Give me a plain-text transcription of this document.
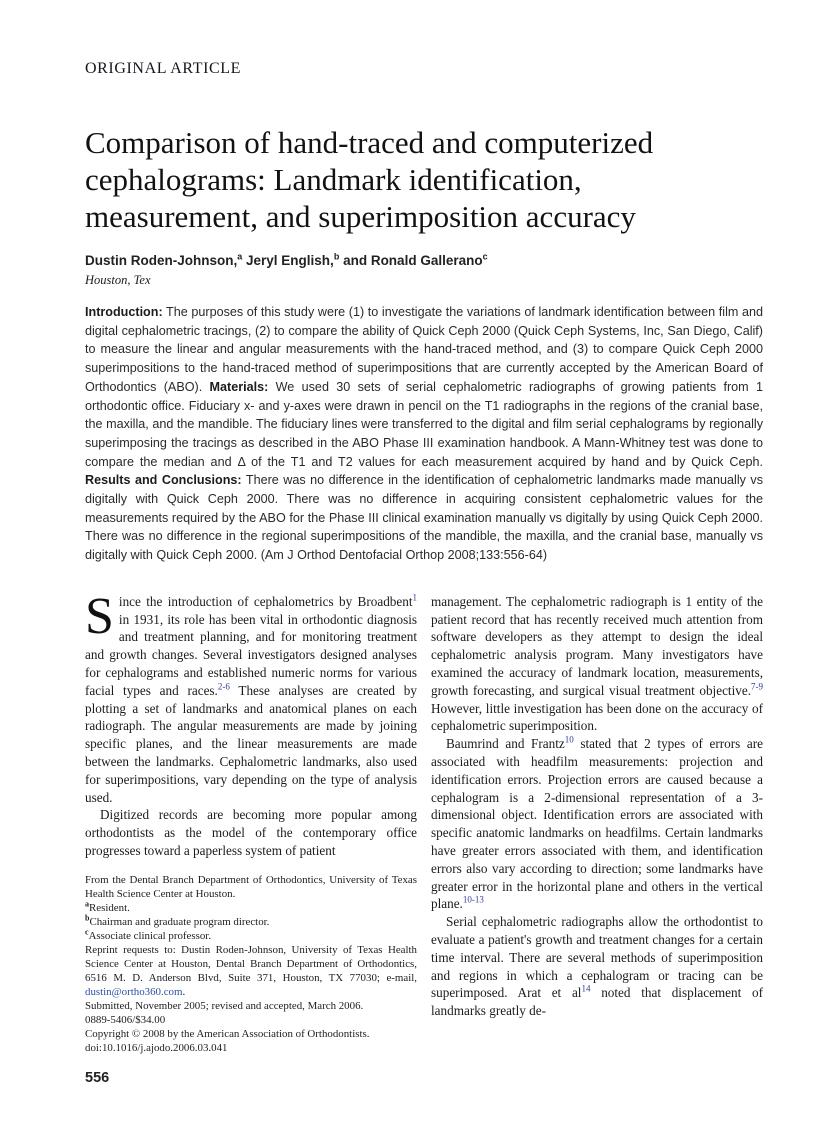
ORIGINAL ARTICLE
Comparison of hand-traced and computerized
cephalograms: Landmark identification,
measurement, and superimposition accuracy
Dustin Roden-Johnson,$^a$ Jeryl English,$^b$ and Ronald Gallerano$^c$
Houston, Tex
Introduction: The purposes of this study were (1) to investigate the variations of landmark identification between film and digital cephalometric tracings, (2) to compare the ability of Quick Ceph 2000 (Quick Ceph Systems, Inc, San Diego, Calif) to measure the linear and angular measurements with the hand-traced method, and (3) to compare Quick Ceph 2000 superimpositions to the hand-traced method of superimpositions that are currently accepted by the American Board of Orthodontics (ABO). Materials: We used 30 sets of serial cephalometric radiographs of growing patients from 1 orthodontic office. Fiduciary x- and y-axes were drawn in pencil on the T1 radiographs in the regions of the cranial base, the maxilla, and the mandible. The fiduciary lines were transferred to the digital and film serial cephalograms by regionally superimposing the tracings as described in the ABO Phase III examination handbook. A Mann-Whitney test was done to compare the median and Δ of the T1 and T2 values for each measurement acquired by hand and by Quick Ceph. Results and Conclusions: There was no difference in the identification of cephalometric landmarks made manually vs digitally with Quick Ceph 2000. There was no difference in acquiring consistent cephalometric values for the measurements required by the ABO for the Phase III clinical examination manually vs digitally by using Quick Ceph 2000. There was no difference in the regional superimpositions of the mandible, the maxilla, and the cranial base, manually vs digitally with Quick Ceph 2000. (Am J Orthod Dentofacial Orthop 2008;133:556-64)

Since the introduction of cephalometrics by Broadbent$^1$ in 1931, its role has been vital in orthodontic diagnosis and treatment planning, and for monitoring treatment and growth changes. Several investigators designed analyses for cephalograms and established numeric norms for various facial types and races.$^{2-6}$ These analyses are created by plotting a set of landmarks and anatomical planes on each radiograph. The angular measurements are made by joining specific planes, and the linear measurements are made between the landmarks. Cephalometric landmarks, also used for superimpositions, vary depending on the type of analysis used.

Digitized records are becoming more popular among orthodontists as the model of the contemporary office progresses toward a paperless system of patient

From the Dental Branch Department of Orthodontics, University of Texas Health Science Center at Houston.

$^a$Resident.

$^b$Chairman and graduate program director.

$^c$Associate clinical professor.

Reprint requests to: Dustin Roden-Johnson, University of Texas Health Science Center at Houston, Dental Branch Department of Orthodontics, 6516 M. D. Anderson Blvd, Suite 371, Houston, TX 77030; e-mail, dustin@ortho360.com.

Submitted, November 2005; revised and accepted, March 2006.

0889-5406/$34.00

Copyright © 2008 by the American Association of Orthodontists.

doi:10.1016/j.ajodo.2006.03.041

556

management. The cephalometric radiograph is 1 entity of the patient record that has recently received much attention from software developers as they attempt to design the ideal cephalometric analysis program. Many investigators have examined the accuracy of landmark location, measurements, growth forecasting, and surgical visual treatment objective.$^{7-9}$ However, little investigation has been done on the accuracy of cephalometric superimposition.

Baumrind and Frantz$^{10}$ stated that 2 types of errors are associated with headfilm measurements: projection and identification errors. Projection errors are caused because a cephalogram is a 2-dimensional representation of a 3-dimensional object. Identification errors are associated with specific anatomic landmarks on headfilms. Certain landmarks have greater errors associated with them, and identification errors also vary according to direction; some landmarks have greater error in the horizontal plane and others in the vertical plane.$^{10-13}$

Serial cephalometric radiographs allow the orthodontist to evaluate a patient's growth and treatment changes for a certain time interval. There are several methods of superimposition and regions in which a cephalogram or tracing can be superimposed. Arat et al$^{14}$ noted that displacement of landmarks greatly de-
